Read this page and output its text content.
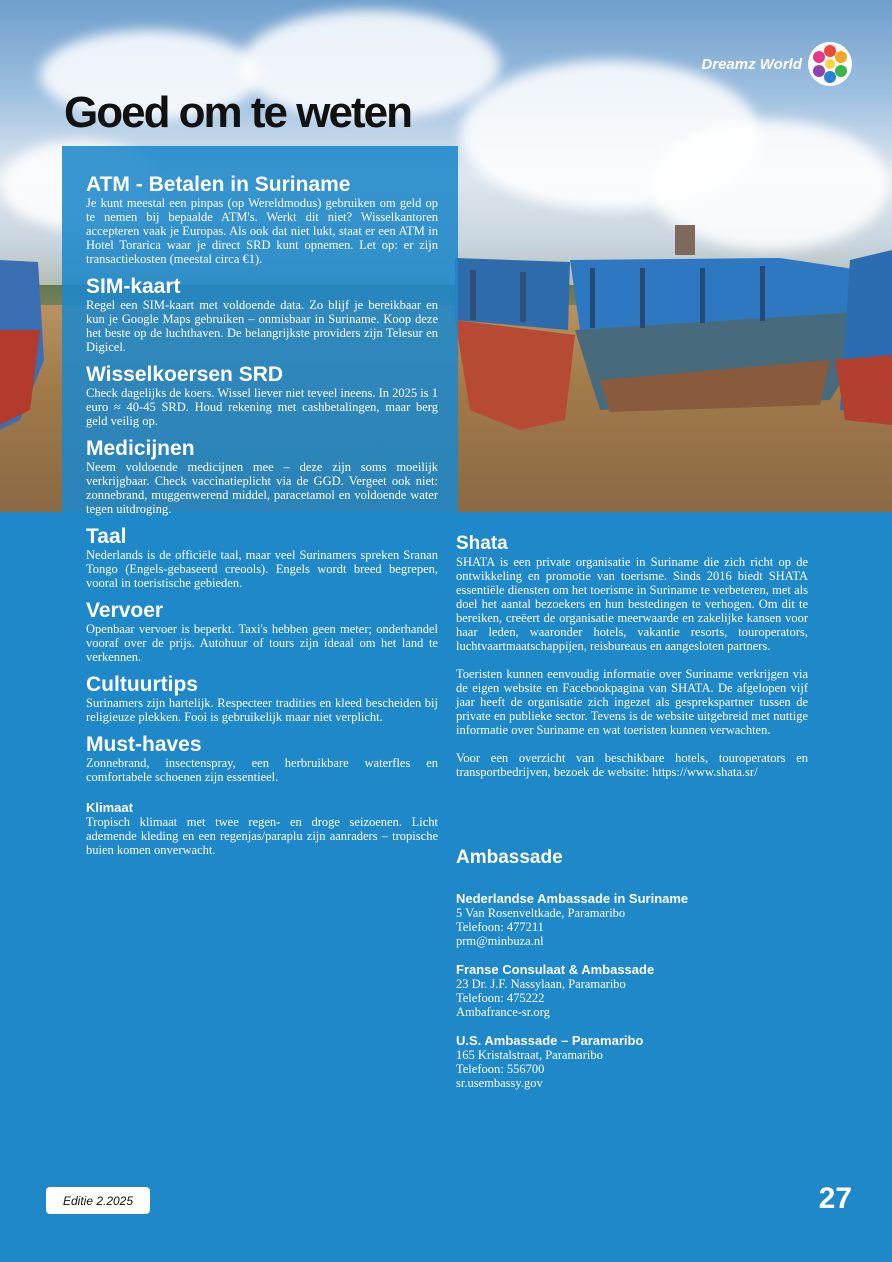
Goed om te weten
Dreamz World
ATM - Betalen in Suriname

Je kunt meestal een pinpas (op Wereldmodus) gebruiken om geld op te nemen bij bepaalde ATM's. Werkt dit niet? Wisselkantoren accepteren vaak je Europas. Als ook dat niet lukt, staat er een ATM in Hotel Torarica waar je direct SRD kunt opnemen. Let op: er zijn transactiekosten (meestal circa €1).

SIM-kaart

Regel een SIM-kaart met voldoende data. Zo blijf je bereikbaar en kun je Google Maps gebruiken – onmisbaar in Suriname. Koop deze het beste op de luchthaven. De belangrijkste providers zijn Telesur en Digicel.

Wisselkoersen SRD

Check dagelijks de koers. Wissel liever niet teveel ineens. In 2025 is 1 euro ≈ 40-45 SRD. Houd rekening met cashbetalingen, maar berg geld veilig op.

Medicijnen

Neem voldoende medicijnen mee – deze zijn soms moeilijk verkrijgbaar. Check vaccinatieplicht via de GGD. Vergeet ook niet: zonnebrand, muggenwerend middel, paracetamol en voldoende water tegen uitdroging.

Taal

Nederlands is de officiële taal, maar veel Surinamers spreken Sranan Tongo (Engels-gebaseerd creools). Engels wordt breed begrepen, vooral in toeristische gebieden.

Vervoer

Openbaar vervoer is beperkt. Taxi's hebben geen meter; onderhandel vooraf over de prijs. Autohuur of tours zijn ideaal om het land te verkennen.

Cultuurtips

Surinamers zijn hartelijk. Respecteer tradities en kleed bescheiden bij religieuze plekken. Fooi is gebruikelijk maar niet verplicht.

Must-haves

Zonnebrand, insectenspray, een herbruikbare waterfles en comfortabele schoenen zijn essentieel.

Klimaat

Tropisch klimaat met twee regen- en droge seizoenen. Licht ademende kleding en een regenjas/paraplu zijn aanraders – tropische buien komen onverwacht.

Shata

SHATA is een private organisatie in Suriname die zich richt op de ontwikkeling en promotie van toerisme. Sinds 2016 biedt SHATA essentiële diensten om het toerisme in Suriname te verbeteren, met als doel het aantal bezoekers en hun bestedingen te verhogen. Om dit te bereiken, creëert de organisatie meerwaarde en zakelijke kansen voor haar leden, waaronder hotels, vakantie resorts, touroperators, luchtvaartmaatschappijen, reisbureaus en aangesloten partners.

Toeristen kunnen eenvoudig informatie over Suriname verkrijgen via de eigen website en Facebookpagina van SHATA. De afgelopen vijf jaar heeft de organisatie zich ingezet als gesprekspartner tussen de private en publieke sector. Tevens is de website uitgebreid met nuttige informatie over Suriname en wat toeristen kunnen verwachten.

Voor een overzicht van beschikbare hotels, touroperators en transportbedrijven, bezoek de website: https://www.shata.sr/

Ambassade
Nederlandse Ambassade in Suriname
5 Van Rosenveltkade, Paramaribo
Telefoon: 477211
prm@minbuza.nl
Franse Consulaat & Ambassade
23 Dr. J.F. Nassylaan, Paramaribo
Telefoon: 475222
Ambafrance-sr.org
U.S. Ambassade – Paramaribo
165 Kristalstraat, Paramaribo
Telefoon: 556700
sr.usembassy.gov
Editie 2.2025	27
